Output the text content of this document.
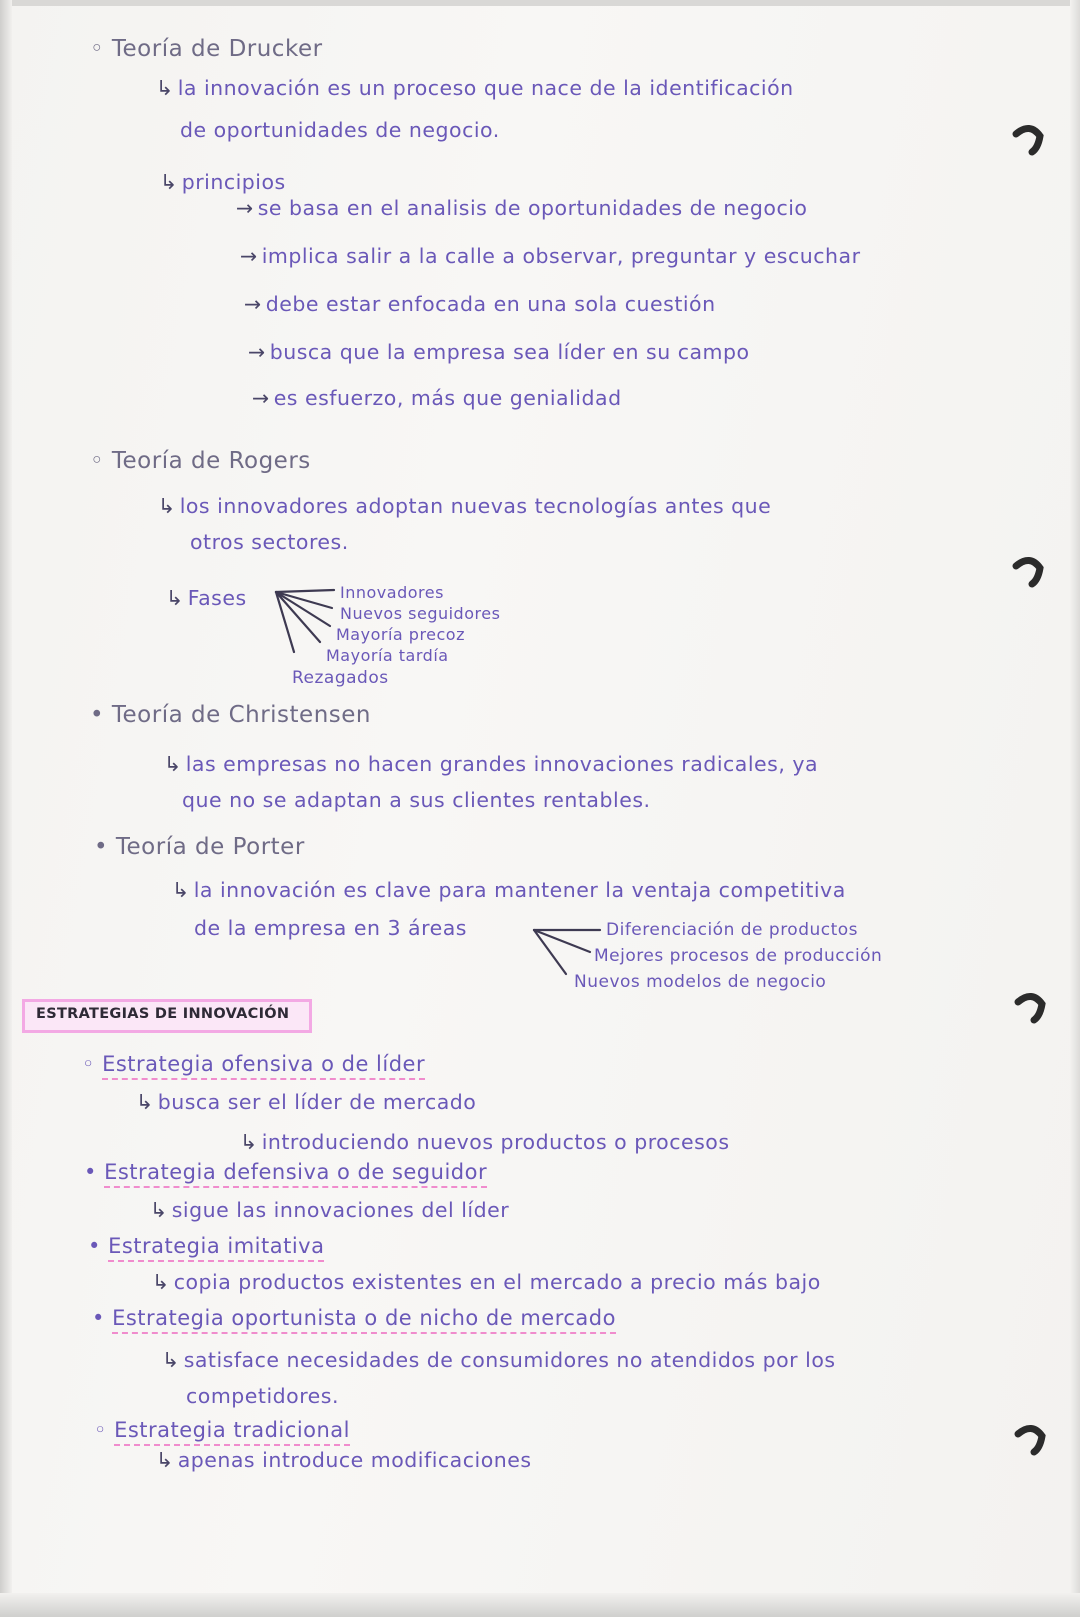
◦ Teoría de Drucker
↳ la innovación es un proceso que nace de la identificación
de oportunidades de negocio.
↳ principios
→ se basa en el analisis de oportunidades de negocio
→ implica salir a la calle a observar, preguntar y escuchar
→ debe estar enfocada en una sola cuestión
→ busca que la empresa sea líder en su campo
→ es esfuerzo, más que genialidad
◦ Teoría de Rogers
↳ los innovadores adoptan nuevas tecnologías antes que
otros sectores.
↳ Fases	Innovadores
Nuevos seguidores
Mayoría precoz
Mayoría tardía
Rezagados
• Teoría de Christensen
↳ las empresas no hacen grandes innovaciones radicales, ya
que no se adaptan a sus clientes rentables.
• Teoría de Porter
↳ la innovación es clave para mantener la ventaja competitiva
de la empresa en 3 áreas	Diferenciación de productos
Mejores procesos de producción
Nuevos modelos de negocio
ESTRATEGIAS DE INNOVACIÓN
◦ Estrategia ofensiva o de líder
↳ busca ser el líder de mercado
↳ introduciendo nuevos productos o procesos
• Estrategia defensiva o de seguidor
↳ sigue las innovaciones del líder
• Estrategia imitativa
↳ copia productos existentes en el mercado a precio más bajo
• Estrategia oportunista o de nicho de mercado
↳ satisface necesidades de consumidores no atendidos por los
competidores.
◦ Estrategia tradicional
↳ apenas introduce modificaciones
